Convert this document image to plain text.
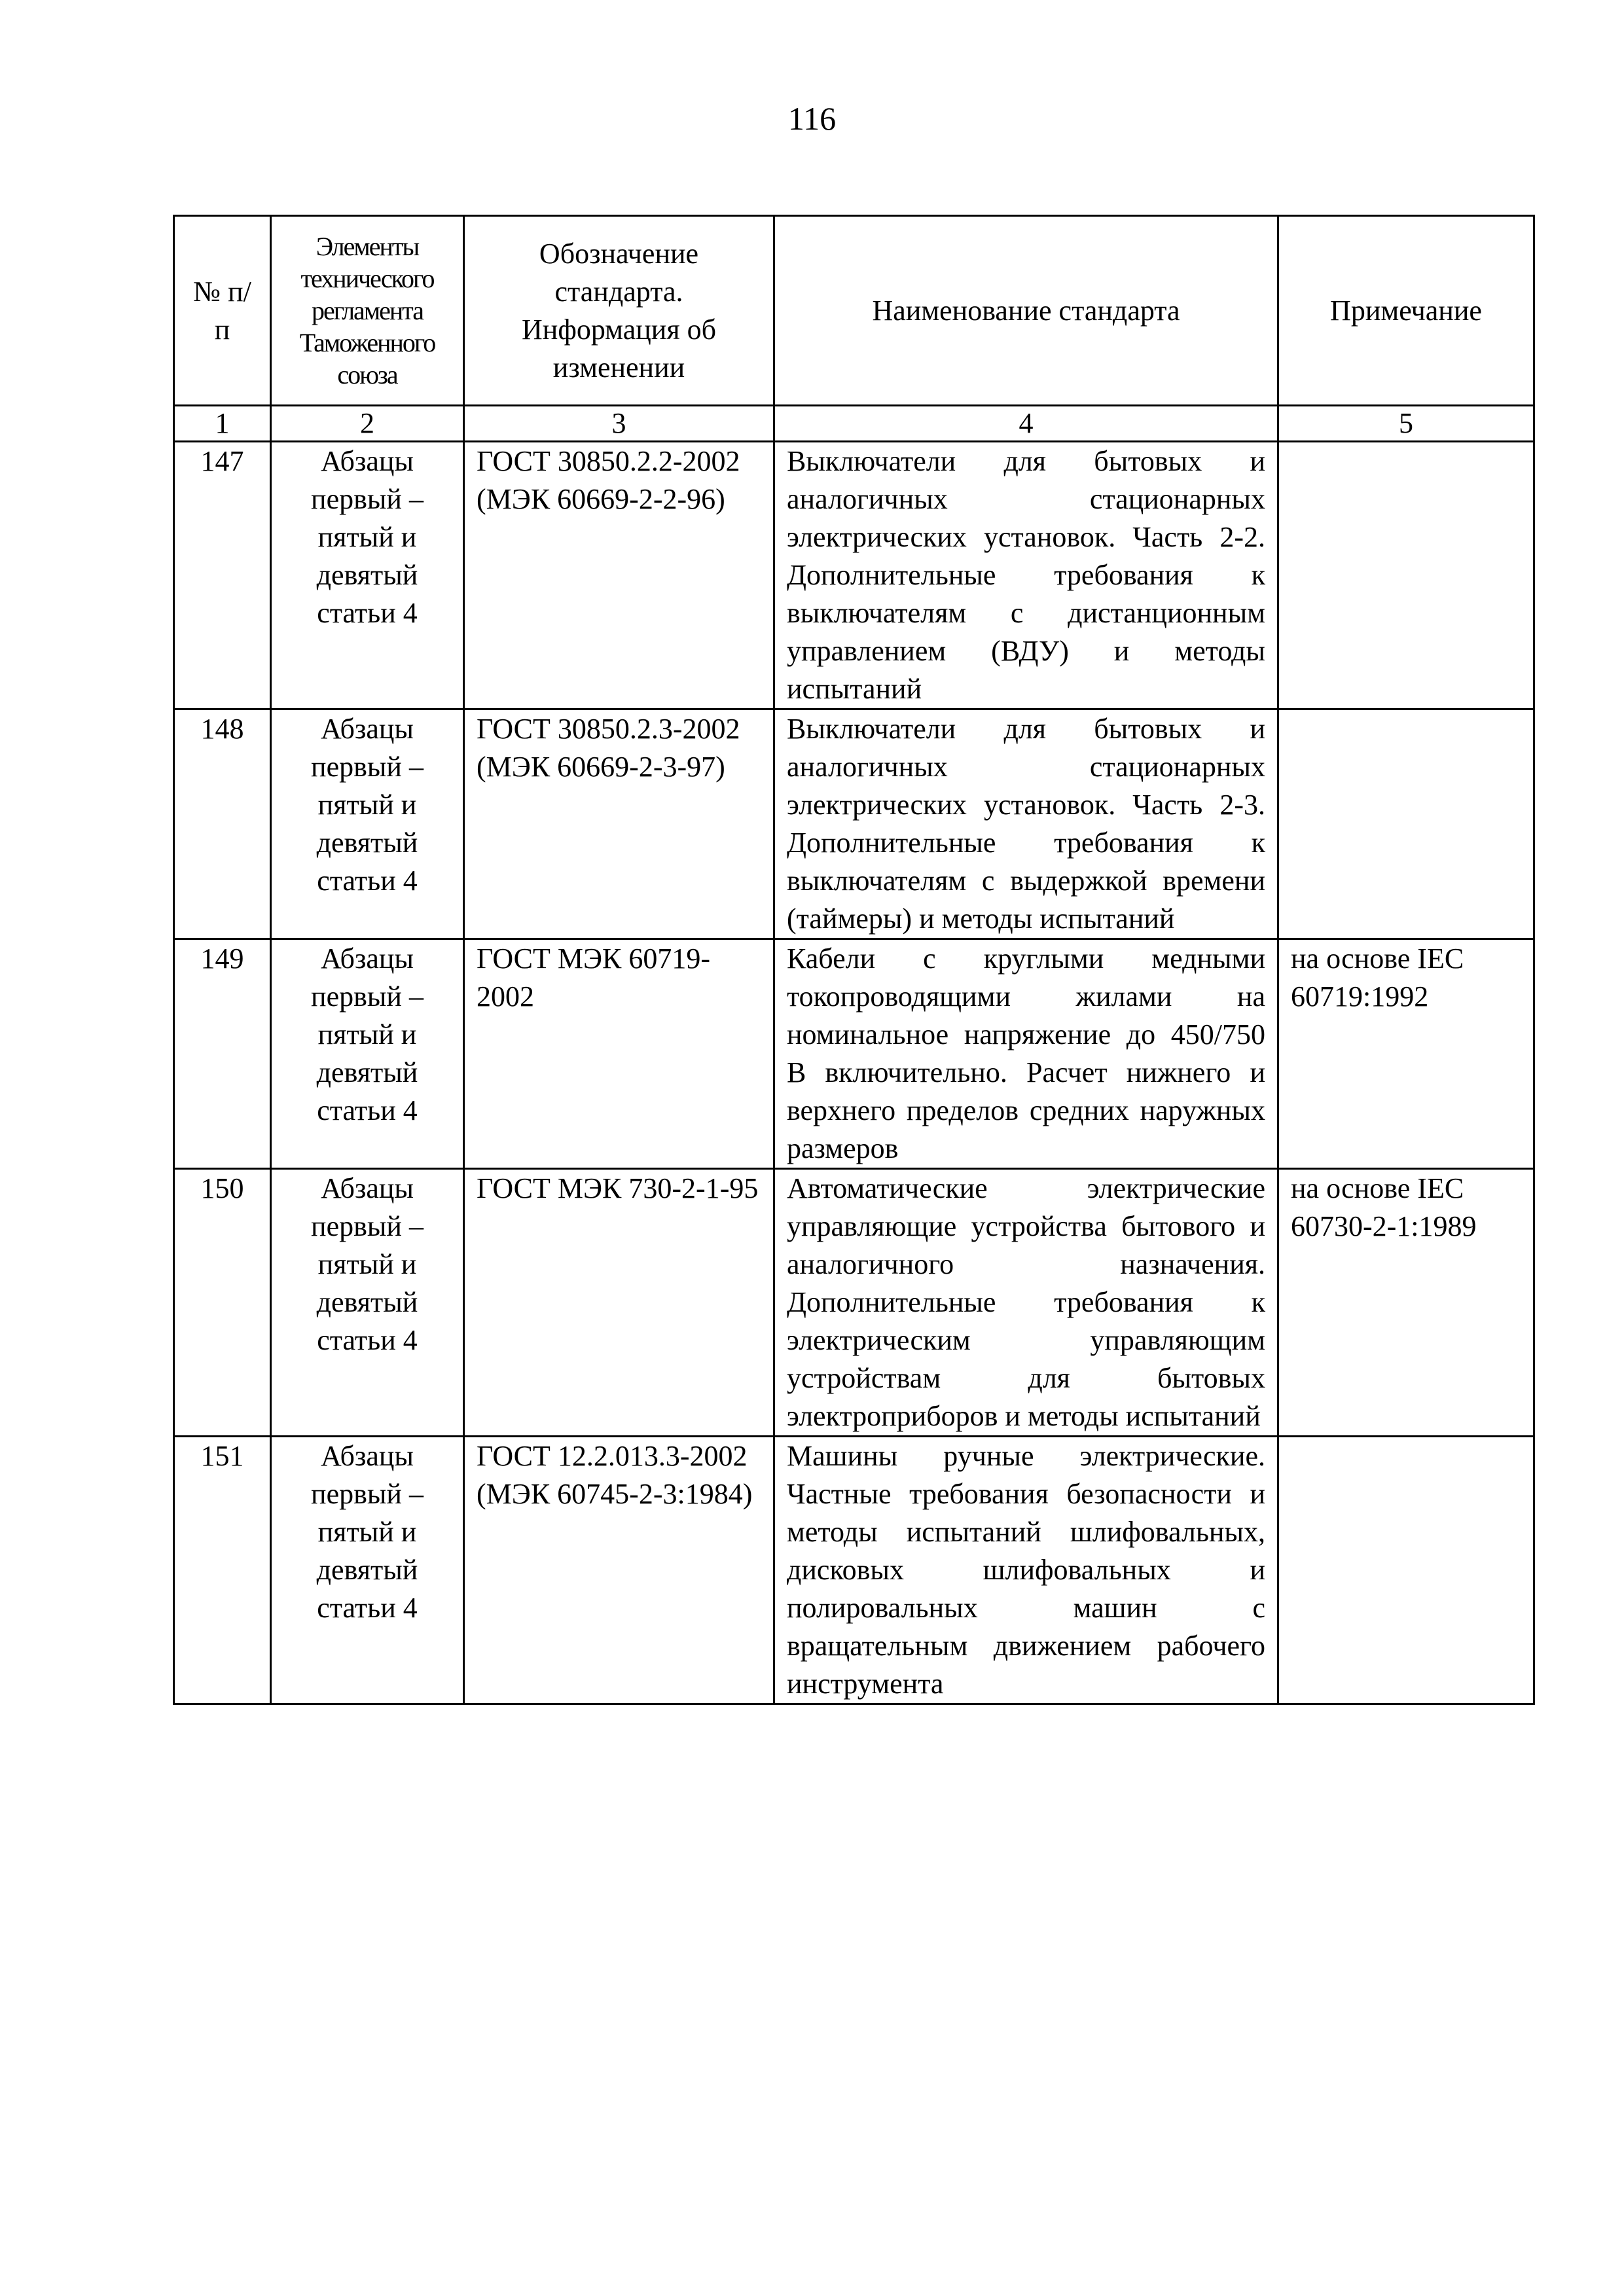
116
№ п/п	Элементы технического регламента Таможенного союза	Обозначение стандарта. Информация об изменении	Наименование стандарта	Примечание
1	2	3	4	5
147	Абзацы первый – пятый и девятый статьи 4	ГОСТ 30850.2.2-2002 (МЭК 60669-2-2-96)	Выключатели для бытовых и аналогичных стационарных электрических установок. Часть 2-2. Дополнительные требования к выключателям с дистанционным управлением (ВДУ) и методы испытаний	
148	Абзацы первый – пятый и девятый статьи 4	ГОСТ 30850.2.3-2002 (МЭК 60669-2-3-97)	Выключатели для бытовых и аналогичных стационарных электрических установок. Часть 2-3. Дополнительные требования к выключателям с выдержкой времени (таймеры) и методы испытаний	
149	Абзацы первый – пятый и девятый статьи 4	ГОСТ МЭК 60719-2002	Кабели с круглыми медными токопроводящими жилами на номинальное напряжение до 450/750 В включительно. Расчет нижнего и верхнего пределов средних наружных размеров	на основе IEC 60719:1992
150	Абзацы первый – пятый и девятый статьи 4	ГОСТ МЭК 730-2-1-95	Автоматические электрические управляющие устройства бытового и аналогичного назначения. Дополнительные требования к электрическим управляющим устройствам для бытовых электроприборов и методы испытаний	на основе IEC 60730-2-1:1989
151	Абзацы первый – пятый и девятый статьи 4	ГОСТ 12.2.013.3-2002 (МЭК 60745-2-3:1984)	Машины ручные электрические. Частные требования безопасности и методы испытаний шлифовальных, дисковых шлифовальных и полировальных машин с вращательным движением рабочего инструмента	
